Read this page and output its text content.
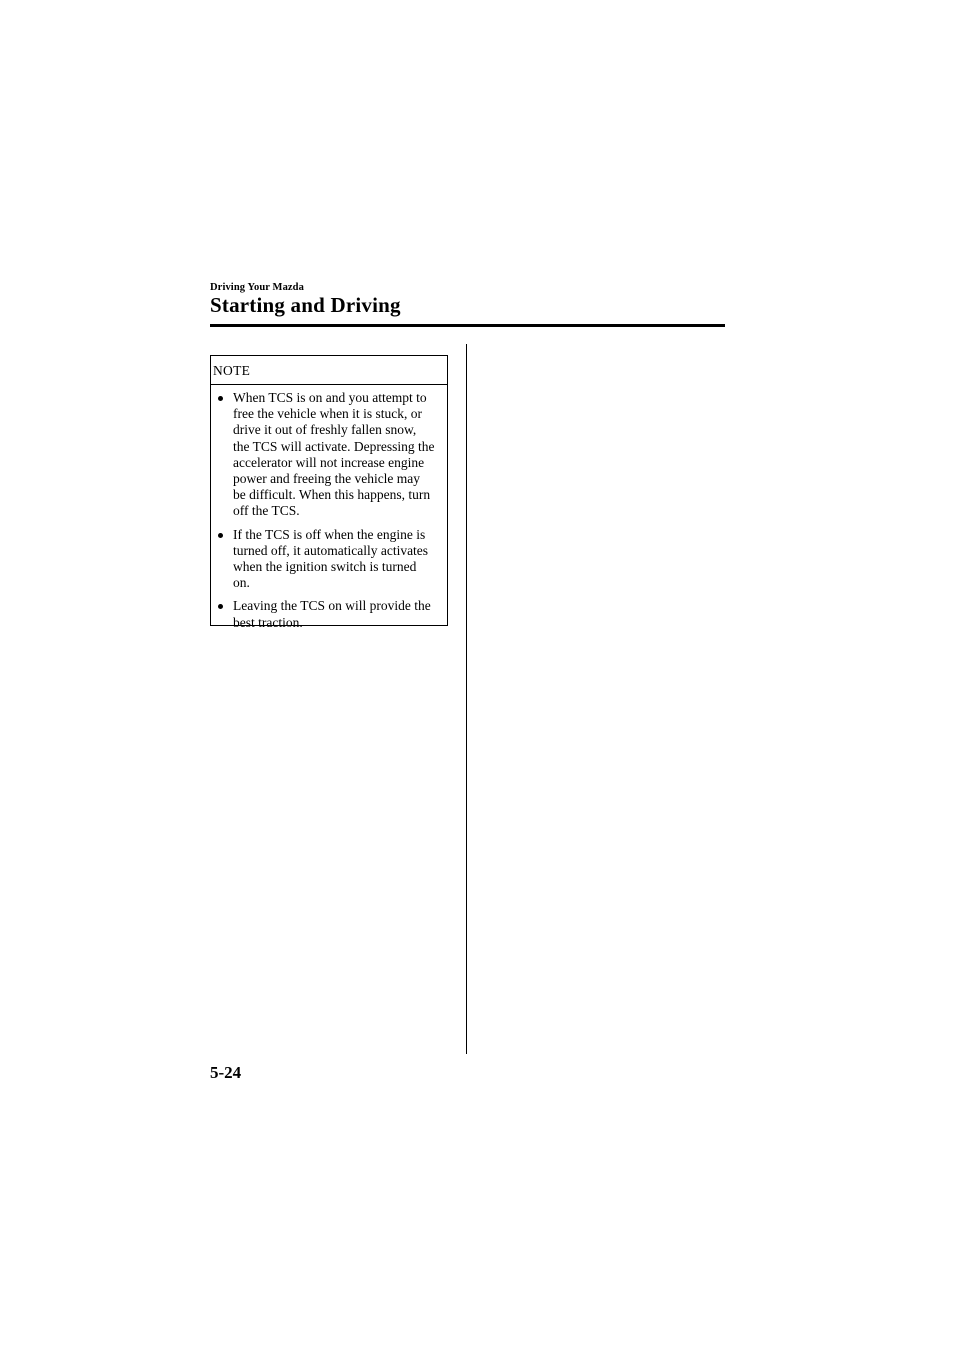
Driving Your Mazda
Starting and Driving
NOTE
When TCS is on and you attempt to
free the vehicle when it is stuck, or
drive it out of freshly fallen snow,
the TCS will activate. Depressing the
accelerator will not increase engine
power and freeing the vehicle may
be difficult. When this happens, turn
off the TCS.
If the TCS is off when the engine is
turned off, it automatically activates
when the ignition switch is turned
on.
Leaving the TCS on will provide the
best traction.
5-24
